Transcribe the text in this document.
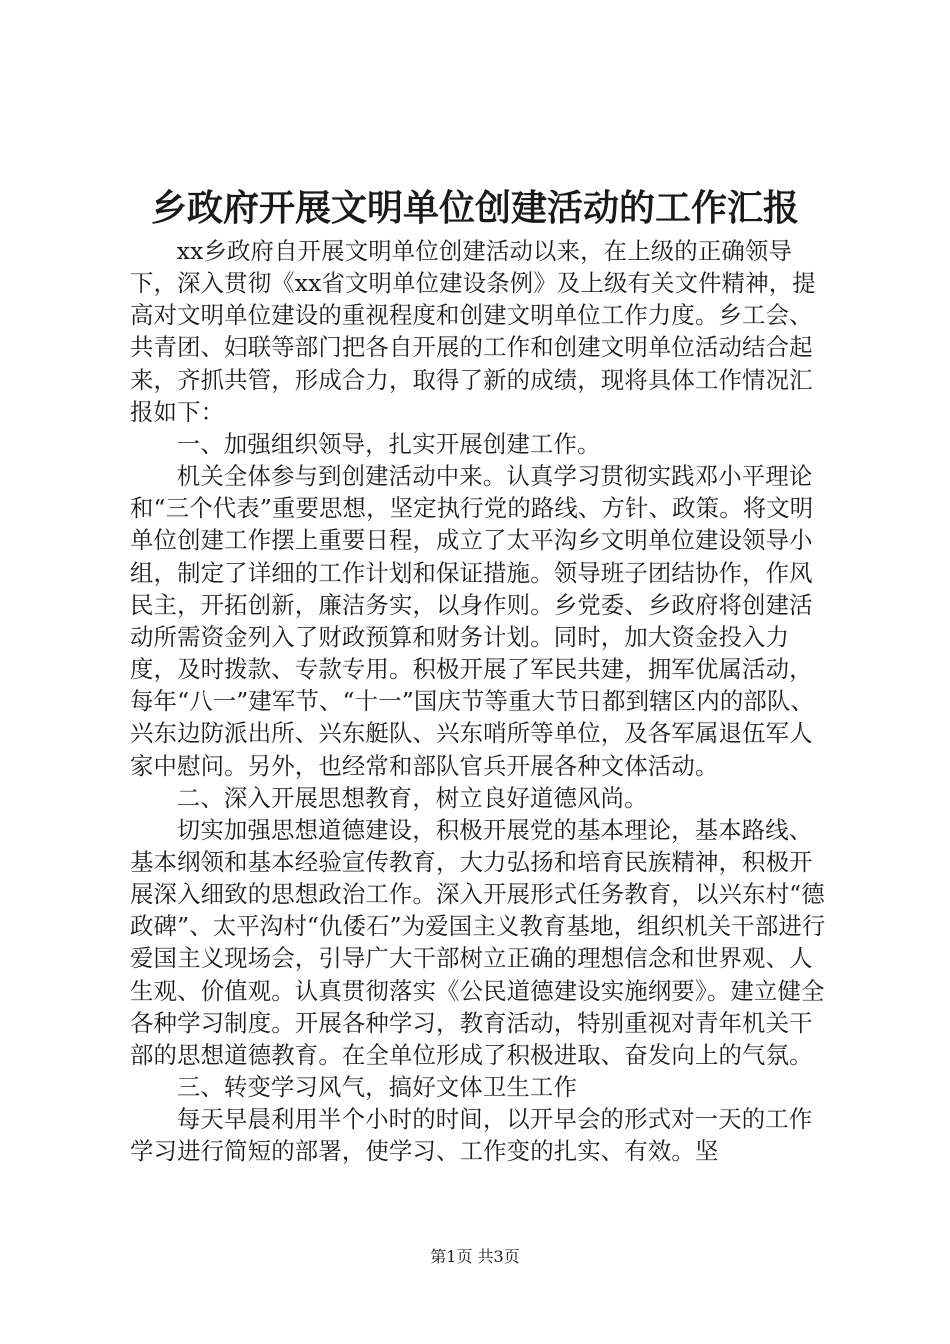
乡政府开展文明单位创建活动的工作汇报

xx乡政府自开展文明单位创建活动以来，在上级的正确领导下，深入贯彻《xx省文明单位建设条例》及上级有关文件精神，提高对文明单位建设的重视程度和创建文明单位工作力度。乡工会、共青团、妇联等部门把各自开展的工作和创建文明单位活动结合起来，齐抓共管，形成合力，取得了新的成绩，现将具体工作情况汇报如下：

一、加强组织领导，扎实开展创建工作。

机关全体参与到创建活动中来。认真学习贯彻实践邓小平理论和“三个代表”重要思想，坚定执行党的路线、方针、政策。将文明单位创建工作摆上重要日程，成立了太平沟乡文明单位建设领导小组，制定了详细的工作计划和保证措施。领导班子团结协作，作风民主，开拓创新，廉洁务实，以身作则。乡党委、乡政府将创建活动所需资金列入了财政预算和财务计划。同时，加大资金投入力度，及时拨款、专款专用。积极开展了军民共建，拥军优属活动，每年“八一”建军节、“十一”国庆节等重大节日都到辖区内的部队、兴东边防派出所、兴东艇队、兴东哨所等单位，及各军属退伍军人家中慰问。另外，也经常和部队官兵开展各种文体活动。

二、深入开展思想教育，树立良好道德风尚。

切实加强思想道德建设，积极开展党的基本理论，基本路线、基本纲领和基本经验宣传教育，大力弘扬和培育民族精神，积极开展深入细致的思想政治工作。深入开展形式任务教育，以兴东村“德政碑”、太平沟村“仇倭石”为爱国主义教育基地，组织机关干部进行爱国主义现场会，引导广大干部树立正确的理想信念和世界观、人生观、价值观。认真贯彻落实《公民道德建设实施纲要》。建立健全各种学习制度。开展各种学习，教育活动，特别重视对青年机关干部的思想道德教育。在全单位形成了积极进取、奋发向上的气氛。

三、转变学习风气，搞好文体卫生工作

每天早晨利用半个小时的时间，以开早会的形式对一天的工作学习进行简短的部署，使学习、工作变的扎实、有效。坚

第1页 共3页
